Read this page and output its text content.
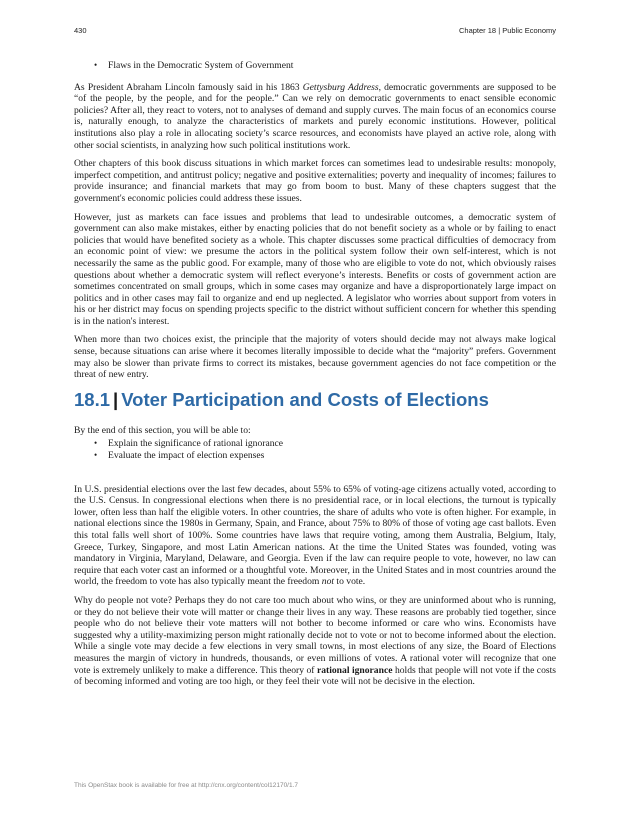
430	Chapter 18 | Public Economy
• Flaws in the Democratic System of Government

As President Abraham Lincoln famously said in his 1863 Gettysburg Address, democratic governments are supposed to be “of the people, by the people, and for the people.” Can we rely on democratic governments to enact sensible economic policies? After all, they react to voters, not to analyses of demand and supply curves. The main focus of an economics course is, naturally enough, to analyze the characteristics of markets and purely economic institutions. However, political institutions also play a role in allocating society’s scarce resources, and economists have played an active role, along with other social scientists, in analyzing how such political institutions work.

Other chapters of this book discuss situations in which market forces can sometimes lead to undesirable results: monopoly, imperfect competition, and antitrust policy; negative and positive externalities; poverty and inequality of incomes; failures to provide insurance; and financial markets that may go from boom to bust. Many of these chapters suggest that the government's economic policies could address these issues.

However, just as markets can face issues and problems that lead to undesirable outcomes, a democratic system of government can also make mistakes, either by enacting policies that do not benefit society as a whole or by failing to enact policies that would have benefited society as a whole. This chapter discusses some practical difficulties of democracy from an economic point of view: we presume the actors in the political system follow their own self-interest, which is not necessarily the same as the public good. For example, many of those who are eligible to vote do not, which obviously raises questions about whether a democratic system will reflect everyone’s interests. Benefits or costs of government action are sometimes concentrated on small groups, which in some cases may organize and have a disproportionately large impact on politics and in other cases may fail to organize and end up neglected. A legislator who worries about support from voters in his or her district may focus on spending projects specific to the district without sufficient concern for whether this spending is in the nation's interest.

When more than two choices exist, the principle that the majority of voters should decide may not always make logical sense, because situations can arise where it becomes literally impossible to decide what the “majority” prefers. Government may also be slower than private firms to correct its mistakes, because government agencies do not face competition or the threat of new entry.

18.1 | Voter Participation and Costs of Elections

By the end of this section, you will be able to:

• Explain the significance of rational ignorance
• Evaluate the impact of election expenses

In U.S. presidential elections over the last few decades, about 55% to 65% of voting-age citizens actually voted, according to the U.S. Census. In congressional elections when there is no presidential race, or in local elections, the turnout is typically lower, often less than half the eligible voters. In other countries, the share of adults who vote is often higher. For example, in national elections since the 1980s in Germany, Spain, and France, about 75% to 80% of those of voting age cast ballots. Even this total falls well short of 100%. Some countries have laws that require voting, among them Australia, Belgium, Italy, Greece, Turkey, Singapore, and most Latin American nations. At the time the United States was founded, voting was mandatory in Virginia, Maryland, Delaware, and Georgia. Even if the law can require people to vote, however, no law can require that each voter cast an informed or a thoughtful vote. Moreover, in the United States and in most countries around the world, the freedom to vote has also typically meant the freedom not to vote.

Why do people not vote? Perhaps they do not care too much about who wins, or they are uninformed about who is running, or they do not believe their vote will matter or change their lives in any way. These reasons are probably tied together, since people who do not believe their vote matters will not bother to become informed or care who wins. Economists have suggested why a utility-maximizing person might rationally decide not to vote or not to become informed about the election. While a single vote may decide a few elections in very small towns, in most elections of any size, the Board of Elections measures the margin of victory in hundreds, thousands, or even millions of votes. A rational voter will recognize that one vote is extremely unlikely to make a difference. This theory of rational ignorance holds that people will not vote if the costs of becoming informed and voting are too high, or they feel their vote will not be decisive in the election.

This OpenStax book is available for free at http://cnx.org/content/col12170/1.7
